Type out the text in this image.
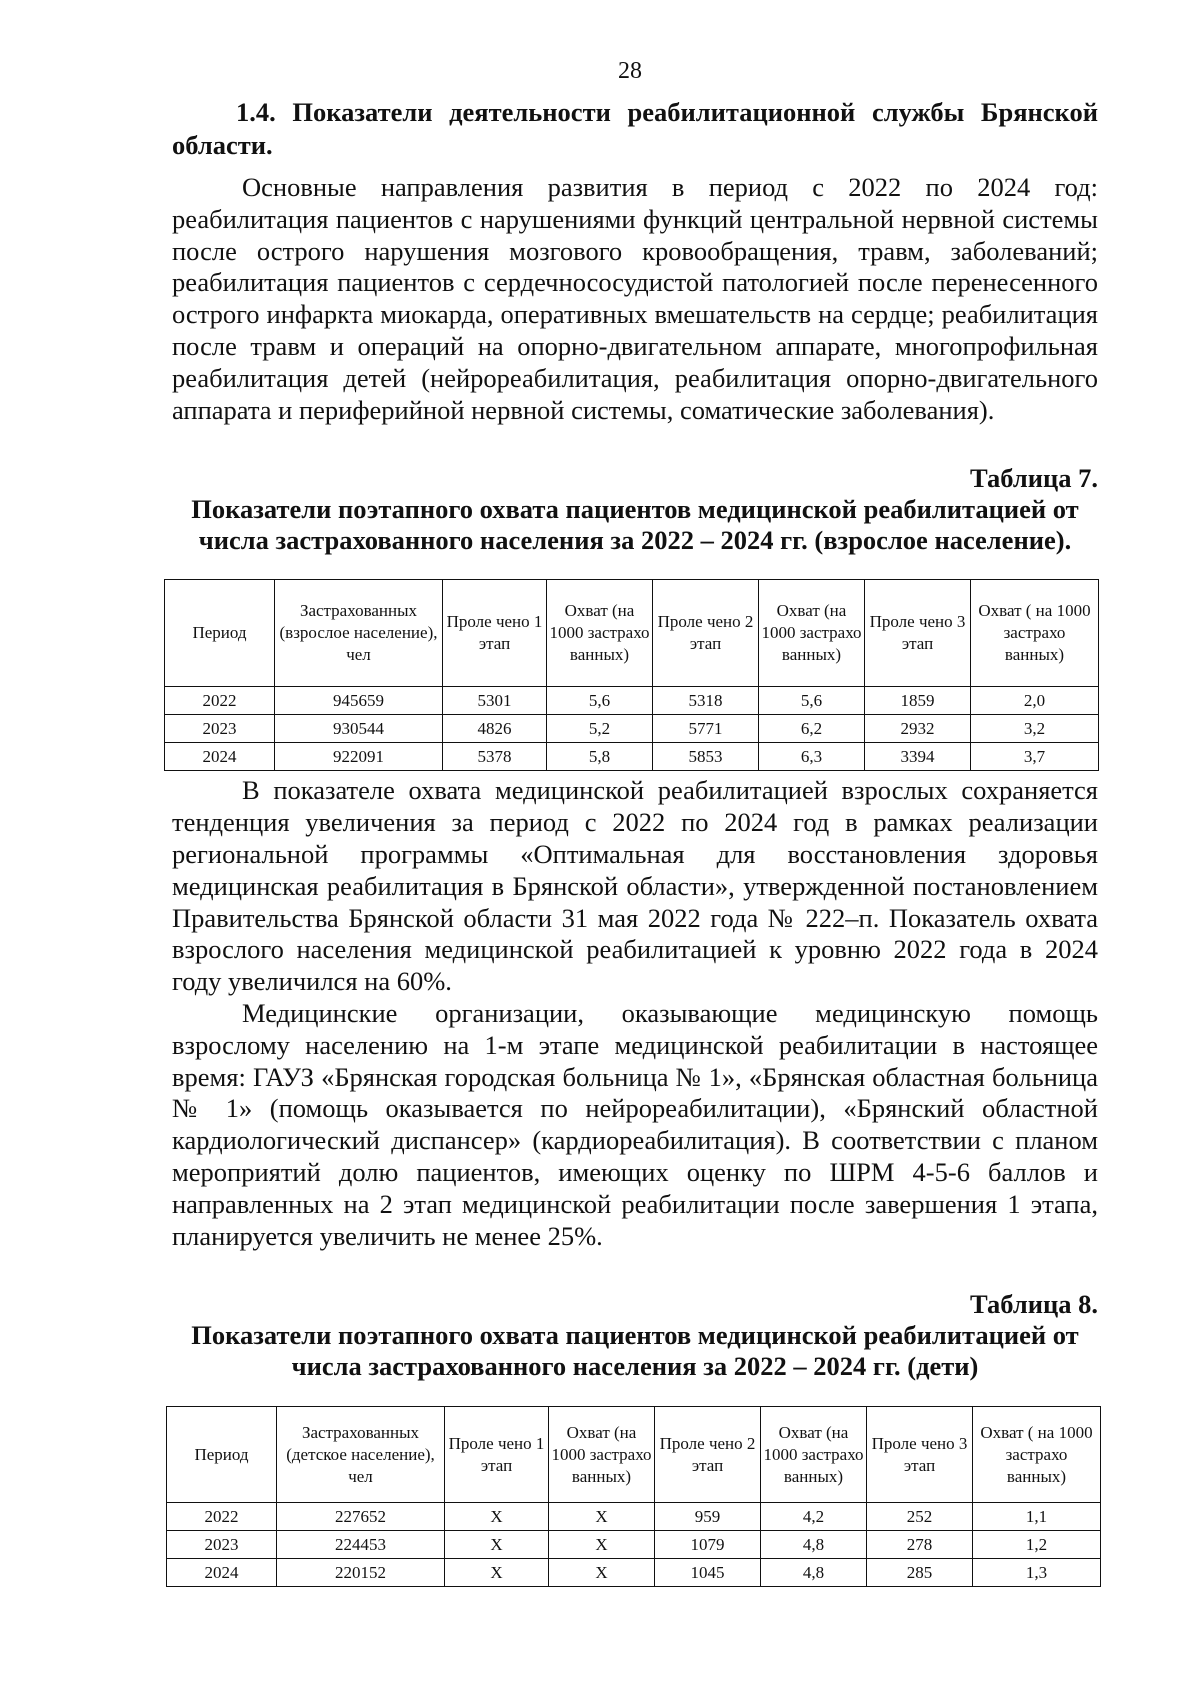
28

1.4. Показатели деятельности реабилитационной службы Брянской области.

Основные направления развития в период с 2022 по 2024 год: реабилитация пациентов с нарушениями функций центральной нервной системы после острого нарушения мозгового кровообращения, травм, заболеваний; реабилитация пациентов с сердечнососудистой патологией после перенесенного острого инфаркта миокарда, оперативных вмешательств на сердце; реабилитация после травм и операций на опорно-двигательном аппарате, многопрофильная реабилитация детей (нейрореабилитация, реабилитация опорно-двигательного аппарата и периферийной нервной системы, соматические заболевания).

Таблица 7.

Показатели поэтапного охвата пациентов медицинской реабилитацией от числа застрахованного населения за 2022 – 2024 гг. (взрослое население).

Период	Застрахованных (взрослое население), чел	Проле чено 1 этап	Охват (на 1000 застрахо ванных)	Проле чено 2 этап	Охват (на 1000 застрахо ванных)	Проле чено 3 этап	Охват ( на 1000 застрахо ванных)
2022	945659	5301	5,6	5318	5,6	1859	2,0
2023	930544	4826	5,2	5771	6,2	2932	3,2
2024	922091	5378	5,8	5853	6,3	3394	3,7

В показателе охвата медицинской реабилитацией взрослых сохраняется тенденция увеличения за период с 2022 по 2024 год в рамках реализации региональной программы «Оптимальная для восстановления здоровья медицинская реабилитация в Брянской области», утвержденной постановлением Правительства Брянской области 31 мая 2022 года № 222–п. Показатель охвата взрослого населения медицинской реабилитацией к уровню 2022 года в 2024 году увеличился на 60%.

Медицинские организации, оказывающие медицинскую помощь взрослому населению на 1-м этапе медицинской реабилитации в настоящее время: ГАУЗ «Брянская городская больница № 1», «Брянская областная больница № 1» (помощь оказывается по нейрореабилитации), «Брянский областной кардиологический диспансер» (кардиореабилитация). В соответствии с планом мероприятий долю пациентов, имеющих оценку по ШРМ 4-5-6 баллов и направленных на 2 этап медицинской реабилитации после завершения 1 этапа, планируется увеличить не менее 25%.

Таблица 8.

Показатели поэтапного охвата пациентов медицинской реабилитацией от числа застрахованного населения за 2022 – 2024 гг. (дети)

Период	Застрахованных (детское население), чел	Проле чено 1 этап	Охват (на 1000 застрахо ванных)	Проле чено 2 этап	Охват (на 1000 застрахо ванных)	Проле чено 3 этап	Охват ( на 1000 застрахо ванных)
2022	227652	Х	Х	959	4,2	252	1,1
2023	224453	Х	Х	1079	4,8	278	1,2
2024	220152	Х	Х	1045	4,8	285	1,3
